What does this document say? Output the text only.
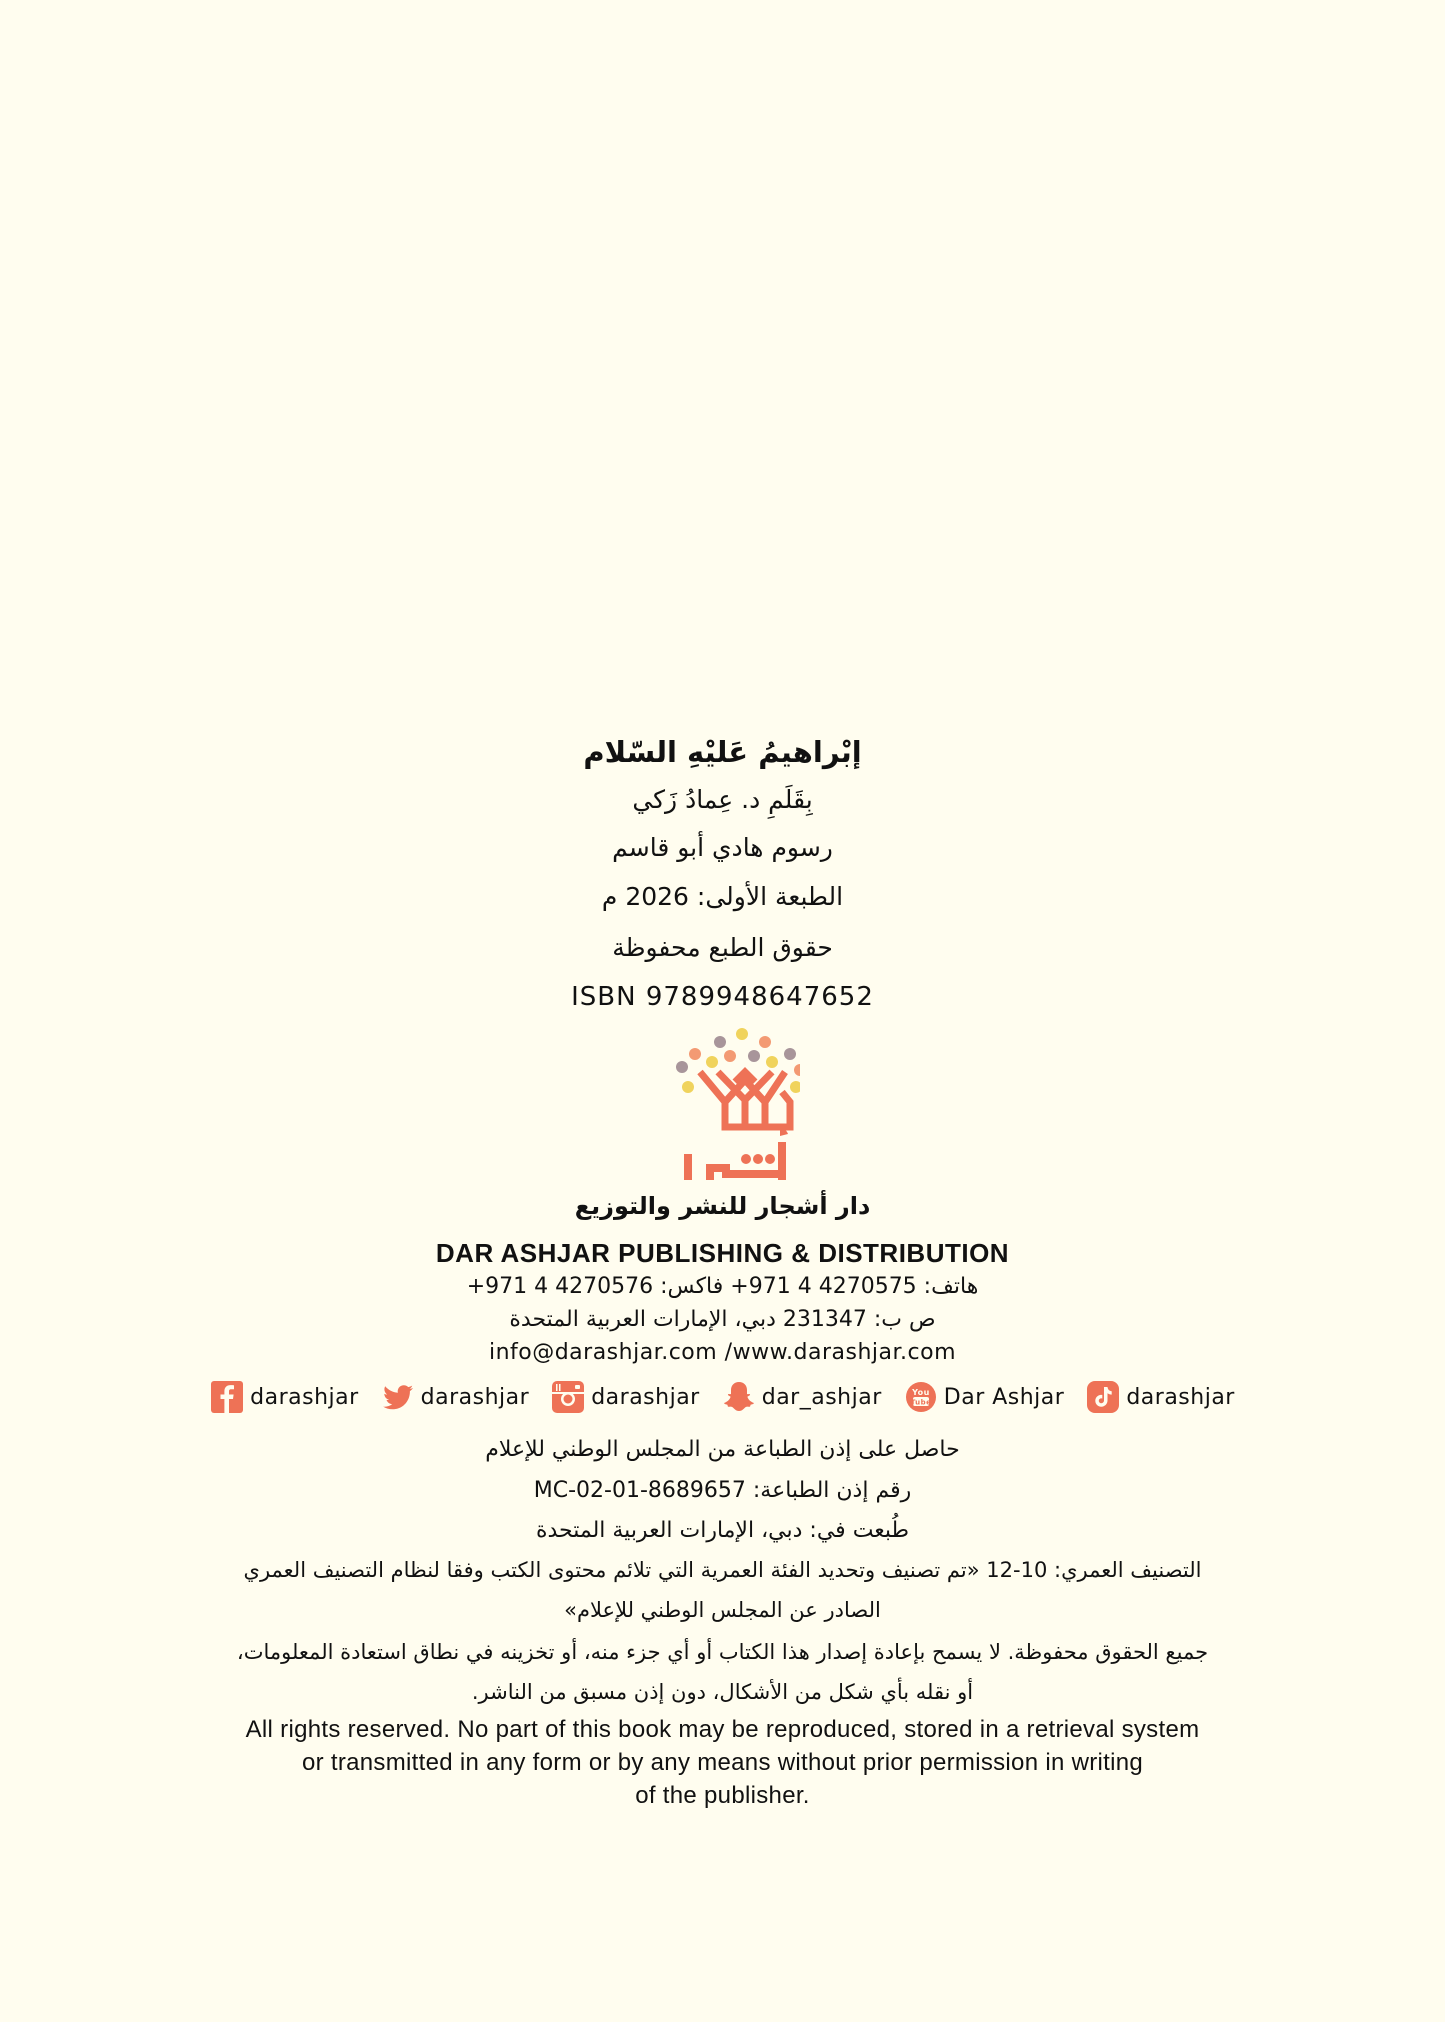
إبْراهيمُ عَليْهِ السّلام
بِقَلَمِ د. عِمادُ زَكي
رسوم هادي أبو قاسم
الطبعة الأولى: 2026 م
حقوق الطبع محفوظة
ISBN 9789948647652
دار أشجار للنشر والتوزيع
DAR ASHJAR PUBLISHING & DISTRIBUTION
هاتف: 4270575 4 971+ فاكس: 4270576 4 971+
ص ب: 231347 دبي، الإمارات العربية المتحدة
info@darashjar.com /www.darashjar.com
darashjar	darashjar	darashjar	dar_ashjar	You
Tube Dar Ashjar	darashjar
حاصل على إذن الطباعة من المجلس الوطني للإعلام
رقم إذن الطباعة: MC-02-01-8689657
طُبعت في: دبي، الإمارات العربية المتحدة
التصنيف العمري: 10-12 «تم تصنيف وتحديد الفئة العمرية التي تلائم محتوى الكتب وفقا لنظام التصنيف العمري
الصادر عن المجلس الوطني للإعلام»
جميع الحقوق محفوظة. لا يسمح بإعادة إصدار هذا الكتاب أو أي جزء منه، أو تخزينه في نطاق استعادة المعلومات،
أو نقله بأي شكل من الأشكال، دون إذن مسبق من الناشر.
All rights reserved. No part of this book may be reproduced, stored in a retrieval system
or transmitted in any form or by any means without prior permission in writing
of the publisher.
